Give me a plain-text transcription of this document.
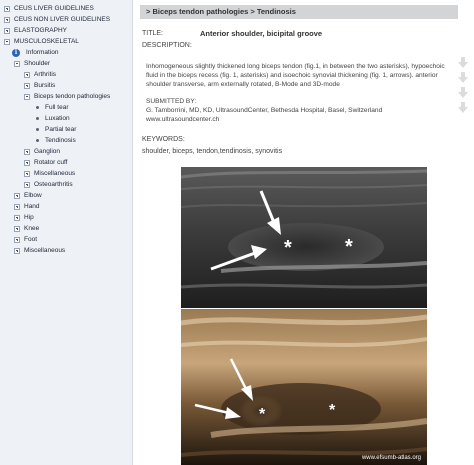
CEUS LIVER GUIDELINES
CEUS NON LIVER GUIDELINES
ELASTOGRAPHY
MUSCULOSKELETAL
i	Information
Shoulder
Arthritis
Bursitis
Biceps tendon pathologies
Full tear
Luxation
Partial tear
Tendinosis
Ganglion
Rotator cuff
Miscellaneous
Osteoarthritis
Elbow
Hand
Hip
Knee
Foot
Miscellaneous
> Biceps tendon pathologies > Tendinosis
TITLE:	Anterior shoulder, bicipital groove
DESCRIPTION:
Inhomogeneous slightly thickened long biceps tendon (fig.1, in between the two asterisks), hypoechoic fluid in the biceps recess (fig. 1, asterisks) and isoechoic synovial thickening (fig. 1, arrows). anterior shoulder transverse, arm externally rotated, B-Mode and 3D-mode
SUBMITTED BY:
G. Tamborrini, MD, KD, UltrasoundCenter, Bethesda Hospital, Basel, Switzerland
www.ultrasoundcenter.ch
KEYWORDS:
shoulder, biceps, tendon,tendinosis, synovitis
*	*
*	*
www.efsumb-atlas.org
